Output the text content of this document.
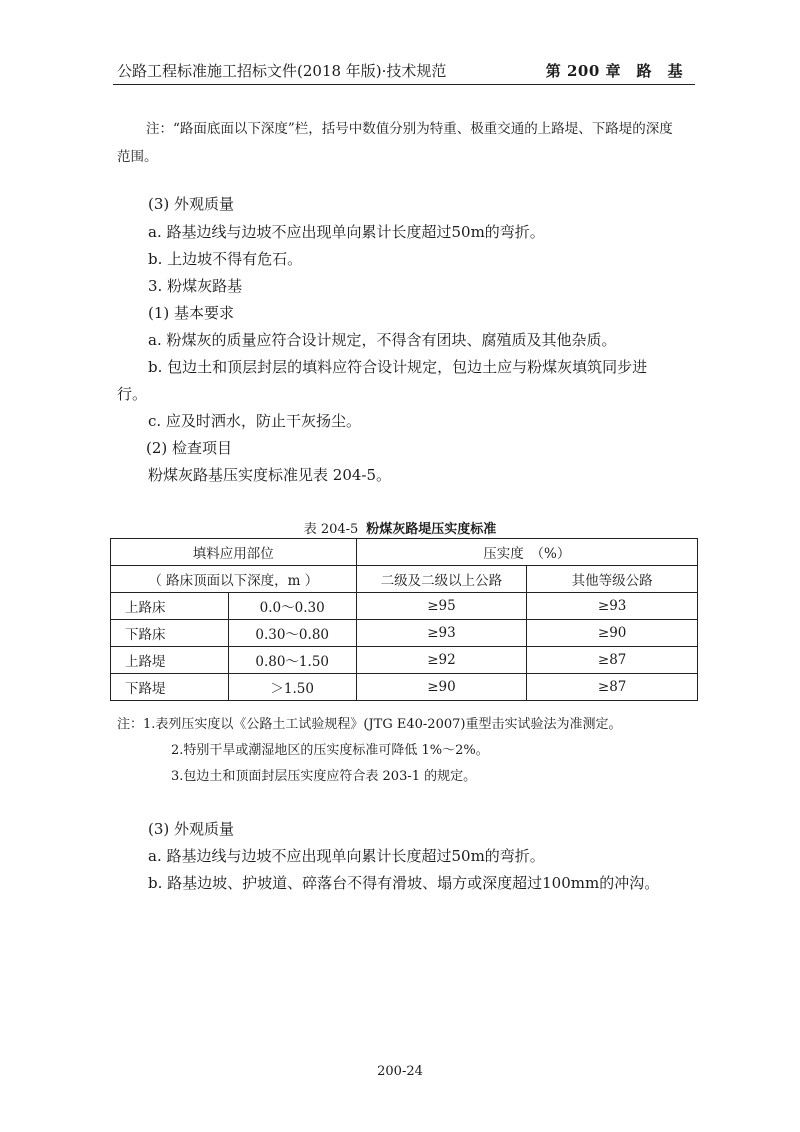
公路工程标准施工招标文件(2018 年版)·技术规范	第 200 章　路　基
注：“路面底面以下深度”栏，括号中数值分别为特重、极重交通的上路堤、下路堤的深度
范围。
(3) 外观质量
a. 路基边线与边坡不应出现单向累计长度超过50m的弯折。
b. 上边坡不得有危石。
3. 粉煤灰路基
(1) 基本要求
a. 粉煤灰的质量应符合设计规定，不得含有团块、腐殖质及其他杂质。
b. 包边土和顶层封层的填料应符合设计规定，包边土应与粉煤灰填筑同步进
行。
c. 应及时洒水，防止干灰扬尘。
(2) 检查项目
粉煤灰路基压实度标准见表 204-5。
表 204-5 粉煤灰路堤压实度标准
填料应用部位		压实度　（%）	
（ 路床顶面以下深度，m ）		二级及二级以上公路	其他等级公路
上路床	0.0～0.30	≥95	≥93
下路床	0.30～0.80	≥93	≥90
上路堤	0.80～1.50	≥92	≥87
下路堤	＞1.50	≥90	≥87
注：1.表列压实度以《公路土工试验规程》(JTG E40-2007)重型击实试验法为准测定。
2.特别干旱或潮湿地区的压实度标准可降低 1%～2%。
3.包边土和顶面封层压实度应符合表 203-1 的规定。
(3) 外观质量
a. 路基边线与边坡不应出现单向累计长度超过50m的弯折。
b. 路基边坡、护坡道、碎落台不得有滑坡、塌方或深度超过100mm的冲沟。
200-24
